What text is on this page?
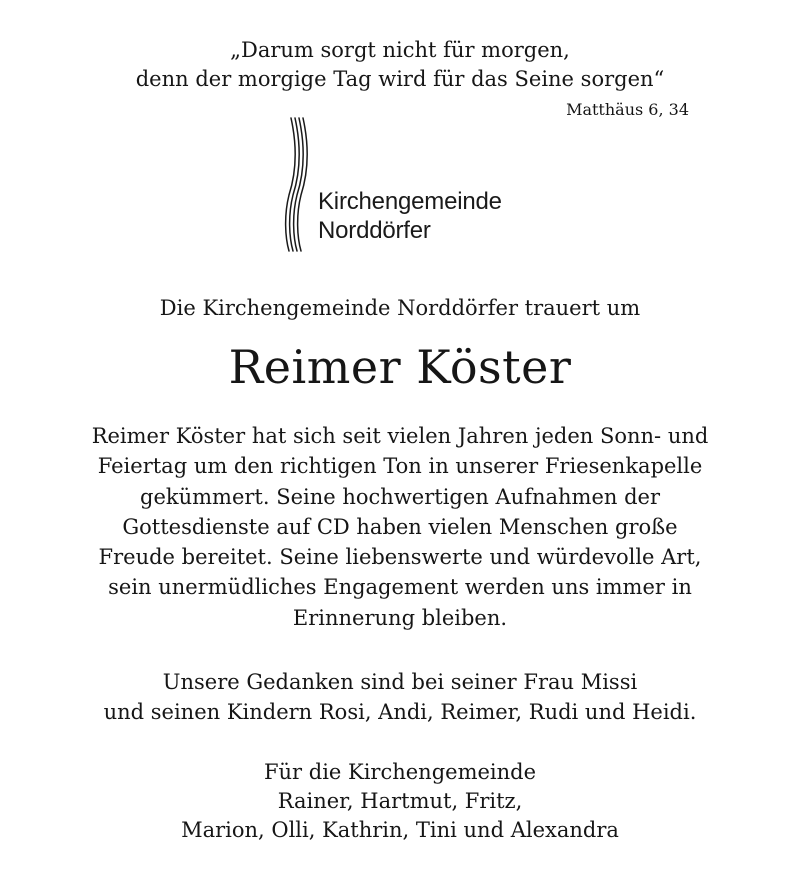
„Darum sorgt nicht für morgen,
denn der morgige Tag wird für das Seine sorgen“
Matthäus 6, 34
Kirchengemeinde
Norddörfer
Die Kirchengemeinde Norddörfer trauert um
Reimer Köster
Reimer Köster hat sich seit vielen Jahren jeden Sonn- und
Feiertag um den richtigen Ton in unserer Friesenkapelle
gekümmert. Seine hochwertigen Aufnahmen der
Gottesdienste auf CD haben vielen Menschen große
Freude bereitet. Seine liebenswerte und würdevolle Art,
sein unermüdliches Engagement werden uns immer in
Erinnerung bleiben.
Unsere Gedanken sind bei seiner Frau Missi
und seinen Kindern Rosi, Andi, Reimer, Rudi und Heidi.
Für die Kirchengemeinde
Rainer, Hartmut, Fritz,
Marion, Olli, Kathrin, Tini und Alexandra
